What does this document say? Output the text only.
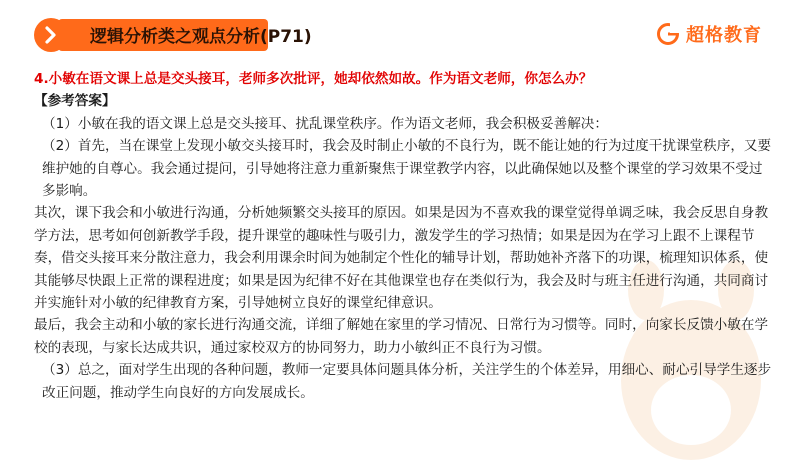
逻辑分析类之观点分析(P71)	超格教育

4.小敏在语文课上总是交头接耳，老师多次批评，她却依然如故。作为语文老师，你怎么办？

【参考答案】

（1）小敏在我的语文课上总是交头接耳、扰乱课堂秩序。作为语文老师，我会积极妥善解决：

（2）首先，当在课堂上发现小敏交头接耳时，我会及时制止小敏的不良行为，既不能让她的行为过度干扰课堂秩序，又要维护她的自尊心。我会通过提问，引导她将注意力重新聚焦于课堂教学内容，以此确保她以及整个课堂的学习效果不受过多影响。

其次，课下我会和小敏进行沟通，分析她频繁交头接耳的原因。如果是因为不喜欢我的课堂觉得单调乏味，我会反思自身教学方法，思考如何创新教学手段，提升课堂的趣味性与吸引力，激发学生的学习热情；如果是因为在学习上跟不上课程节奏，借交头接耳来分散注意力，我会利用课余时间为她制定个性化的辅导计划，帮助她补齐落下的功课，梳理知识体系，使其能够尽快跟上正常的课程进度；如果是因为纪律不好在其他课堂也存在类似行为，我会及时与班主任进行沟通，共同商讨并实施针对小敏的纪律教育方案，引导她树立良好的课堂纪律意识。

最后，我会主动和小敏的家长进行沟通交流，详细了解她在家里的学习情况、日常行为习惯等。同时，向家长反馈小敏在学校的表现，与家长达成共识，通过家校双方的协同努力，助力小敏纠正不良行为习惯。

（3）总之，面对学生出现的各种问题，教师一定要具体问题具体分析，关注学生的个体差异，用细心、耐心引导学生逐步改正问题，推动学生向良好的方向发展成长。
